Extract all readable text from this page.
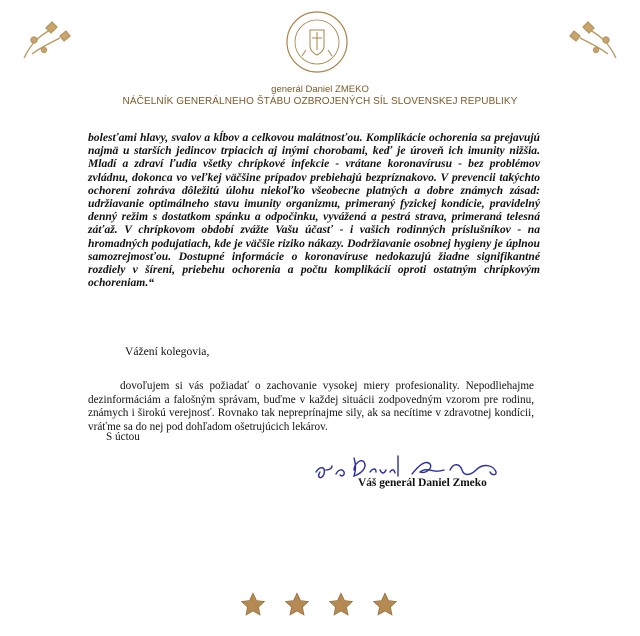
generál Daniel ZMEKO
NÁČELNÍK GENERÁLNEHO ŠTÁBU OZBROJENÝCH SÍL SLOVENSKEJ REPUBLIKY

bolesťami hlavy, svalov a kĺbov a celkovou malátnosťou. Komplikácie ochorenia sa prejavujú najmä u starších jedincov trpiacich aj inými chorobami, keď je úroveň ich imunity nižšia. Mladí a zdraví ľudia všetky chrípkové infekcie - vrátane koronavírusu - bez problémov zvládnu, dokonca vo veľkej väčšine prípadov prebiehajú bezpríznakovo. V prevencii takýchto ochorení zohráva dôležitú úlohu niekoľko všeobecne platných a dobre známych zásad: udržiavanie optimálneho stavu imunity organizmu, primeraný fyzickej kondície, pravidelný denný režim s dostatkom spánku a odpočinku, vyvážená a pestrá strava, primeraná telesná záťaž. V chrípkovom období zvážte Vašu účasť - i vašich rodinných príslušníkov - na hromadných podujatiach, kde je väčšie riziko nákazy. Dodržiavanie osobnej hygieny je úplnou samozrejmosťou. Dostupné informácie o koronavíruse nedokazujú žiadne signifikantné rozdiely v šírení, priebehu ochorenia a počtu komplikácií oproti ostatným chrípkovým ochoreniam.“

Vážení kolegovia,
dovoľujem si vás požiadať o zachovanie vysokej miery profesionality. Nepodliehajme dezinformáciám a falošným správam, buďme v každej situácii zodpovedným vzorom pre rodinu, známych i širokú verejnosť. Rovnako tak nepreprínajme sily, ak sa necítime v zdravotnej kondícii, vráťme sa do nej pod dohľadom ošetrujúcich lekárov.
S úctou
Váš generál Daniel Zmeko
